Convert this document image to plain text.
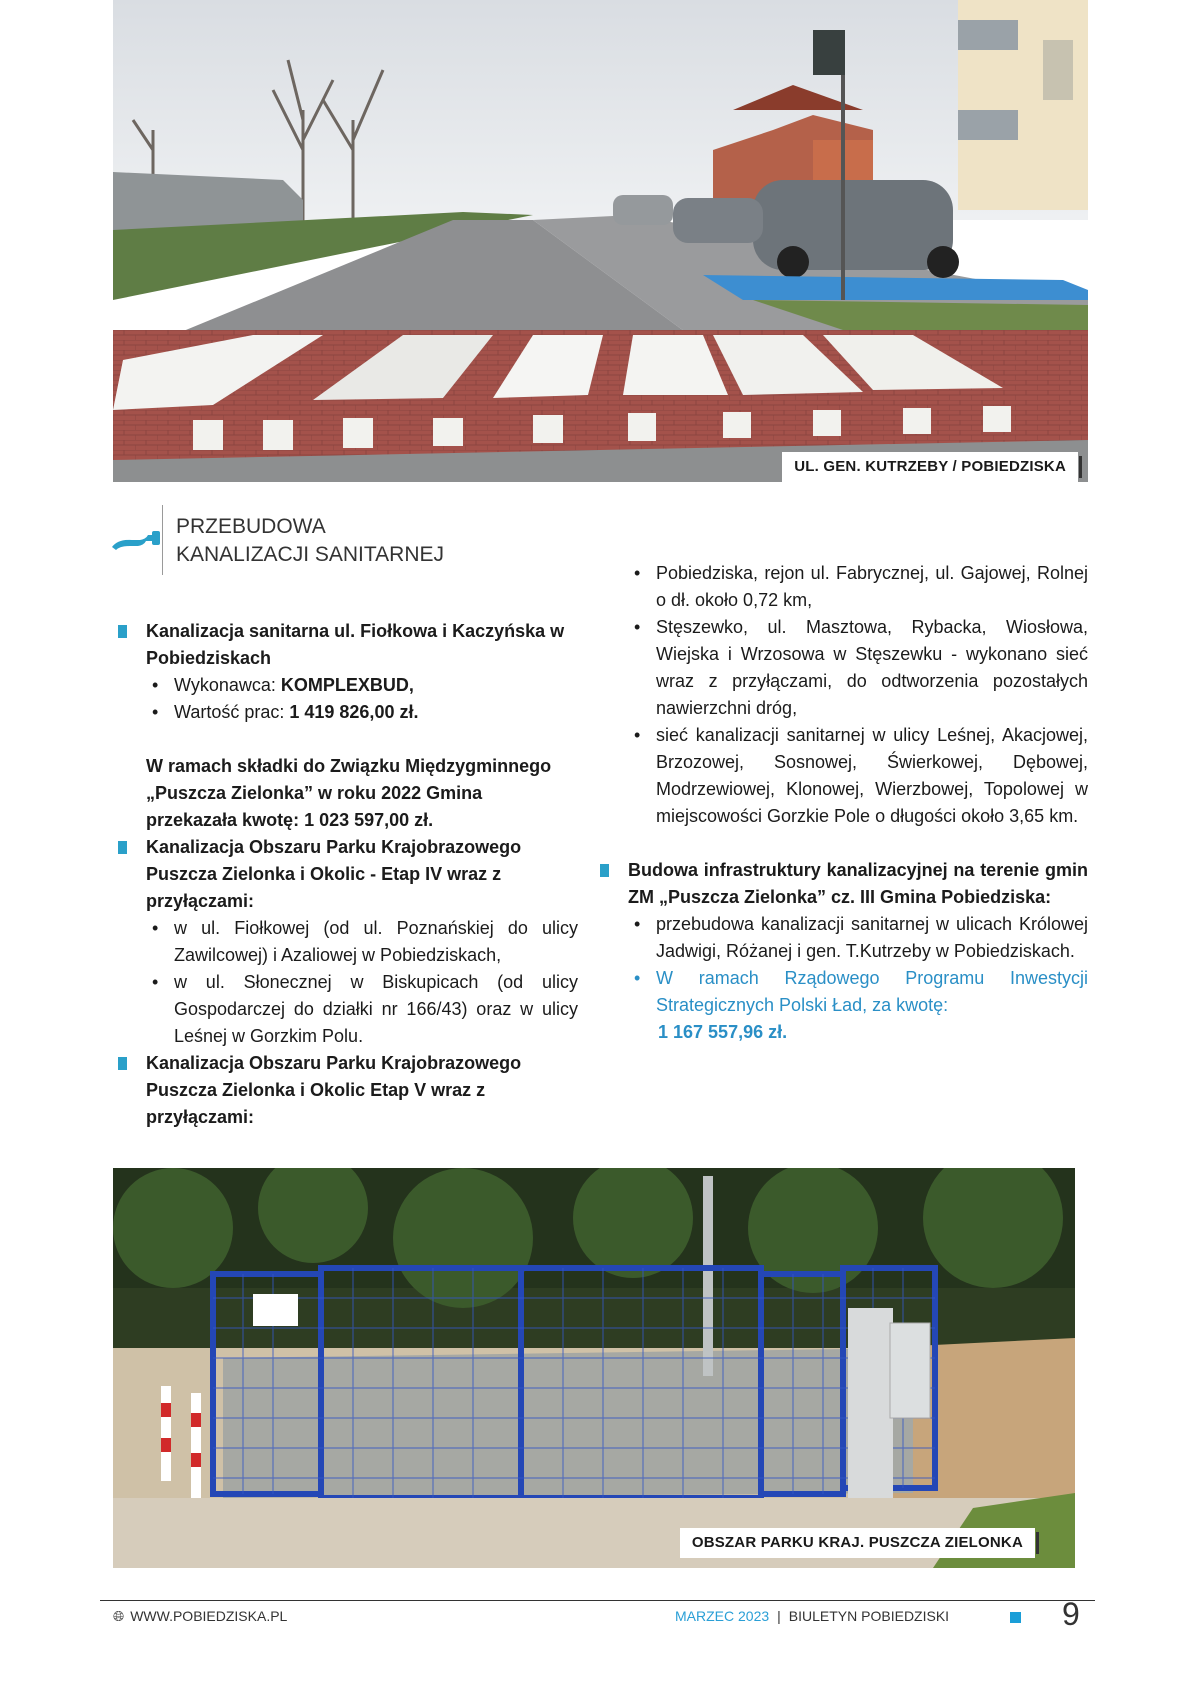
UL. GEN. KUTRZEBY / POBIEDZISKA
PRZEBUDOWA
KANALIZACJI SANITARNEJ
Kanalizacja sanitarna ul. Fiołkowa i Kaczyńska w Pobiedziskach
• Wykonawca: KOMPLEXBUD,
• Wartość prac: 1 419 826,00 zł.
W ramach składki do Związku Międzygminnego „Puszcza Zielonka” w roku 2022 Gmina przekazała kwotę: 1 023 597,00 zł.
Kanalizacja Obszaru Parku Krajobrazowego Puszcza Zielonka i Okolic - Etap IV wraz z przyłączami:
• w ul. Fiołkowej (od ul. Poznańskiej do ulicy Zawilcowej) i Azaliowej w Pobiedziskach,
• w ul. Słonecznej w Biskupicach (od ulicy Gospodarczej do działki nr 166/43) oraz w ulicy Leśnej w Gorzkim Polu.
Kanalizacja Obszaru Parku Krajobrazowego Puszcza Zielonka i Okolic Etap V wraz z przyłączami:
• Pobiedziska, rejon ul. Fabrycznej, ul. Gajowej, Rolnej o dł. około 0,72 km,
• Stęszewko, ul. Masztowa, Rybacka, Wiosłowa, Wiejska i Wrzosowa w Stęszewku - wykonano sieć wraz z przyłączami, do odtworzenia pozostałych nawierzchni dróg,
• sieć kanalizacji sanitarnej w ulicy Leśnej, Akacjowej, Brzozowej, Sosnowej, Świerkowej, Dębowej, Modrzewiowej, Klonowej, Wierzbowej, Topolowej w miejscowości Gorzkie Pole o długości około 3,65 km.
Budowa infrastruktury kanalizacyjnej na terenie gmin ZM „Puszcza Zielonka” cz. III Gmina Pobiedziska:
• przebudowa kanalizacji sanitarnej w ulicach Królowej Jadwigi, Różanej i gen. T.Kutrzeby w Pobiedziskach.
• W ramach Rządowego Programu Inwestycji Strategicznych Polski Ład, za kwotę:
1 167 557,96 zł.
OBSZAR PARKU KRAJ. PUSZCZA ZIELONKA
🌐︎ WWW.POBIEDZISKA.PL	MARZEC 2023 | BIULETYN POBIEDZISKI	9
